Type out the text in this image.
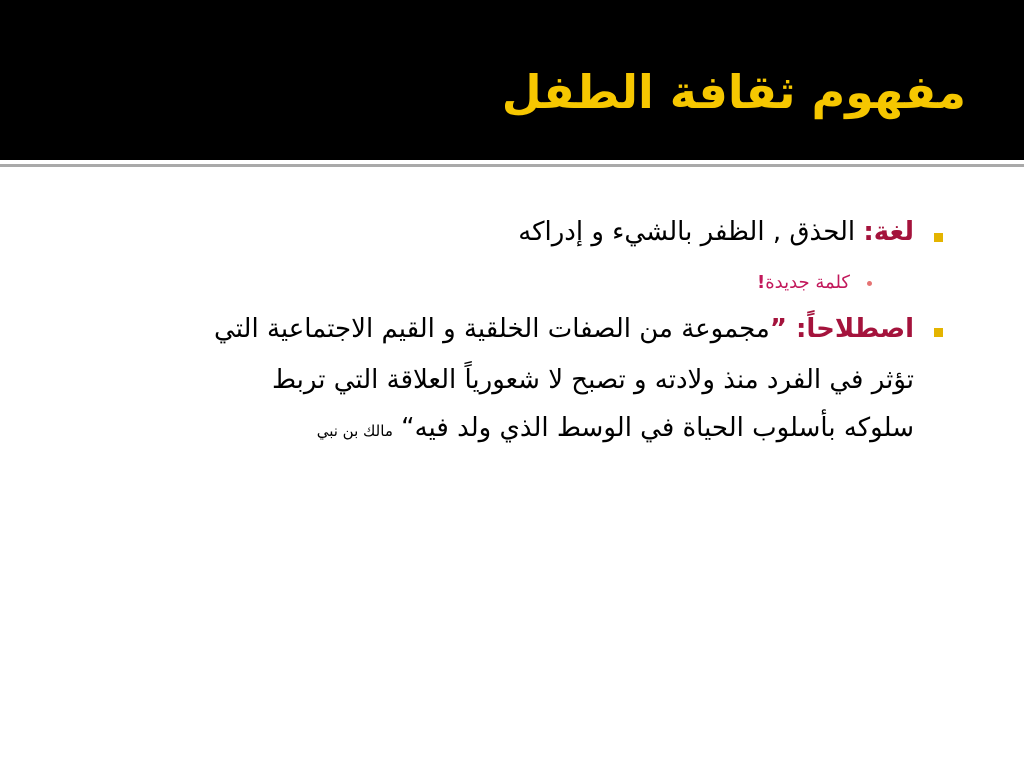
مفهوم ثقافة الطفل
لغة: الحذق , الظفر بالشيء و إدراكه
كلمة جديدة!
اصطلاحاً: ”مجموعة من الصفات الخلقية و القيم الاجتماعية التي
تؤثر في الفرد منذ ولادته و تصبح لا شعورياً العلاقة التي تربط
سلوكه بأسلوب الحياة في الوسط الذي ولد فيه“ مالك بن نبي
